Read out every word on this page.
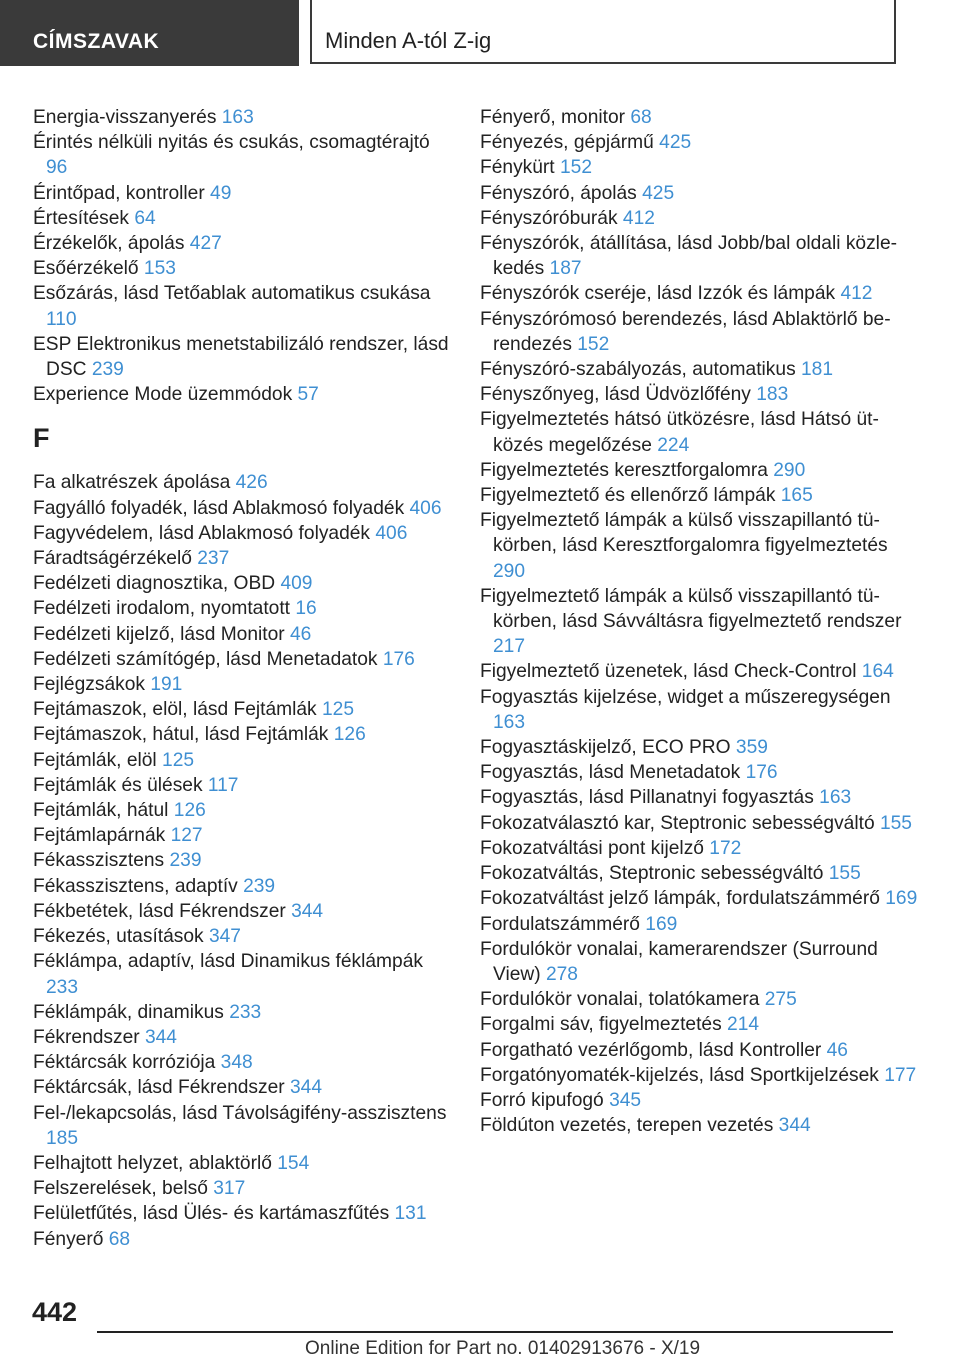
CÍMSZAVAK	Minden A-tól Z-ig
Energia-visszanyerés 163
Érintés nélküli nyitás és csukás, csomagtérajtó 96
Érintőpad, kontroller 49
Értesítések 64
Érzékelők, ápolás 427
Esőérzékelő 153
Esőzárás, lásd Tetőablak automatikus csukása 110
ESP Elektronikus menetstabilizáló rendszer, lásd DSC 239
Experience Mode üzemmódok 57
F
Fa alkatrészek ápolása 426
Fagyálló folyadék, lásd Ablakmosó folyadék 406
Fagyvédelem, lásd Ablakmosó folyadék 406
Fáradtságérzékelő 237
Fedélzeti diagnosztika, OBD 409
Fedélzeti irodalom, nyomtatott 16
Fedélzeti kijelző, lásd Monitor 46
Fedélzeti számítógép, lásd Menetadatok 176
Fejlégzsákok 191
Fejtámaszok, elöl, lásd Fejtámlák 125
Fejtámaszok, hátul, lásd Fejtámlák 126
Fejtámlák, elöl 125
Fejtámlák és ülések 117
Fejtámlák, hátul 126
Fejtámlapárnák 127
Fékasszisztens 239
Fékasszisztens, adaptív 239
Fékbetétek, lásd Fékrendszer 344
Fékezés, utasítások 347
Féklámpa, adaptív, lásd Dinamikus féklámpák 233
Féklámpák, dinamikus 233
Fékrendszer 344
Féktárcsák korróziója 348
Féktárcsák, lásd Fékrendszer 344
Fel-/lekapcsolás, lásd Távolságifény-asszisztens 185
Felhajtott helyzet, ablaktörlő 154
Felszerelések, belső 317
Felületfűtés, lásd Ülés- és kartámaszfűtés 131
Fényerő 68
Fényerő, monitor 68
Fényezés, gépjármű 425
Fénykürt 152
Fényszóró, ápolás 425
Fényszóróburák 412
Fényszórók, átállítása, lásd Jobb/bal oldali közlekedés 187
Fényszórók cseréje, lásd Izzók és lámpák 412
Fényszórómosó berendezés, lásd Ablaktörlő berendezés 152
Fényszóró-szabályozás, automatikus 181
Fényszőnyeg, lásd Üdvözlőfény 183
Figyelmeztetés hátsó ütközésre, lásd Hátsó ütközés megelőzése 224
Figyelmeztetés keresztforgalomra 290
Figyelmeztető és ellenőrző lámpák 165
Figyelmeztető lámpák a külső visszapillantó tükörben, lásd Keresztforgalomra figyelmeztetés 290
Figyelmeztető lámpák a külső visszapillantó tükörben, lásd Sávváltásra figyelmeztető rendszer 217
Figyelmeztető üzenetek, lásd Check-Control 164
Fogyasztás kijelzése, widget a műszeregységen 163
Fogyasztáskijelző, ECO PRO 359
Fogyasztás, lásd Menetadatok 176
Fogyasztás, lásd Pillanatnyi fogyasztás 163
Fokozatválasztó kar, Steptronic sebességváltó 155
Fokozatváltási pont kijelző 172
Fokozatváltás, Steptronic sebességváltó 155
Fokozatváltást jelző lámpák, fordulatszámmérő 169
Fordulatszámmérő 169
Fordulókör vonalai, kamerarendszer (Surround View) 278
Fordulókör vonalai, tolatókamera 275
Forgalmi sáv, figyelmeztetés 214
Forgatható vezérlőgomb, lásd Kontroller 46
Forgatónyomaték-kijelzés, lásd Sportkijelzések 177
Forró kipufogó 345
Földúton vezetés, terepen vezetés 344
442
Online Edition for Part no. 01402913676 - X/19
